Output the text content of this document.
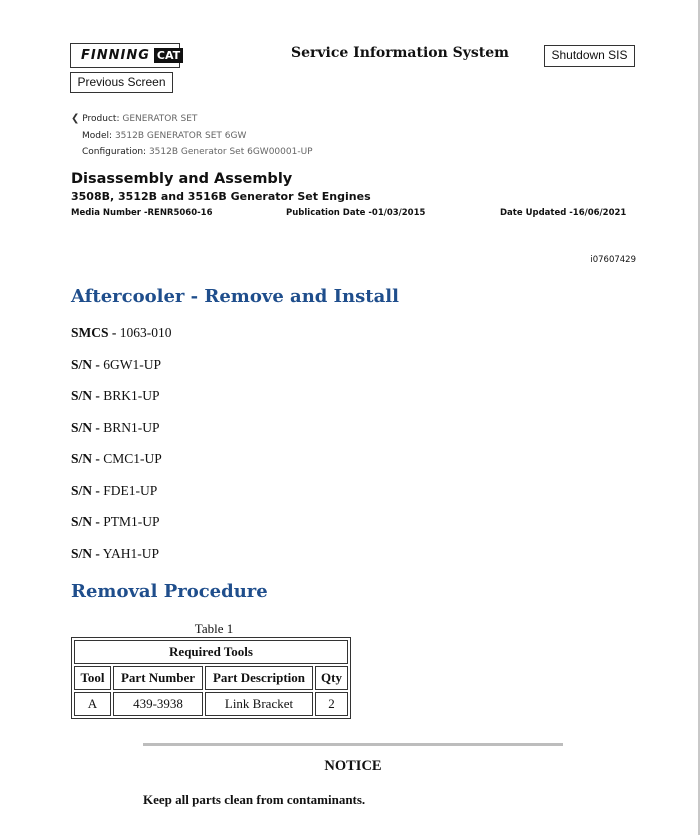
FINNING CAT	Service Information System	Shutdown SIS
Previous Screen
❮ Product: GENERATOR SET
Model: 3512B GENERATOR SET 6GW
Configuration: 3512B Generator Set 6GW00001-UP
Disassembly and Assembly
3508B, 3512B and 3516B Generator Set Engines
Media Number -RENR5060-16	Publication Date -01/03/2015	Date Updated -16/06/2021
i07607429
Aftercooler - Remove and Install
SMCS - 1063-010
S/N - 6GW1-UP
S/N - BRK1-UP
S/N - BRN1-UP
S/N - CMC1-UP
S/N - FDE1-UP
S/N - PTM1-UP
S/N - YAH1-UP
Removal Procedure
Table 1
Required Tools			
Tool	Part Number	Part Description	Qty
A	439-3938	Link Bracket	2
NOTICE
Keep all parts clean from contaminants.
